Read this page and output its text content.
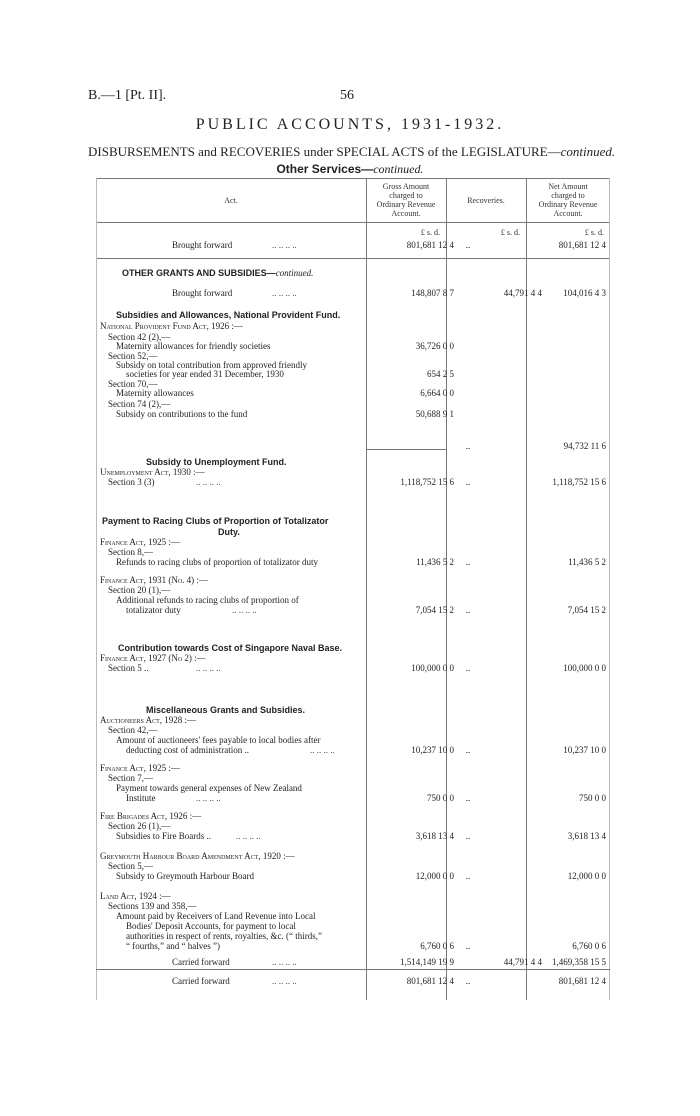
B.—1 [Pt. II].	56
PUBLIC ACCOUNTS, 1931-1932.
DISBURSEMENTS and RECOVERIES under SPECIAL ACTS of the LEGISLATURE—continued.
Other Services—continued.
Act.
Gross Amount
charged to
Ordinary Revenue
Account.
Recoveries.
Net Amount
charged to
Ordinary Revenue
Account.
£ s. d.	£ s. d.	£ s. d.
Brought forward	.. .. .. ..	801,681 12 4	..	801,681 12 4
OTHER GRANTS AND SUBSIDIES—continued.
Brought forward	.. .. .. ..	148,807 8 7	44,791 4 4	104,016 4 3
Subsidies and Allowances, National Provident Fund.
National Provident Fund Act, 1926 :—
Section 42 (2),—
Maternity allowances for friendly societies	36,726 0 0
Section 52,—
Subsidy on total contribution from approved friendly
societies for year ended 31 December, 1930	654 2 5
Section 70,—
Maternity allowances	6,664 0 0
Section 74 (2),—
Subsidy on contributions to the fund	50,688 9 1
..	94,732 11 6
Subsidy to Unemployment Fund.
Unemployment Act, 1930 :—
Section 3 (3)	.. .. .. ..	1,118,752 15 6	..	1,118,752 15 6
Payment to Racing Clubs of Proportion of Totalizator
Duty.
Finance Act, 1925 :—
Section 8,—
Refunds to racing clubs of proportion of totalizator duty	11,436 5 2	..	11,436 5 2
Finance Act, 1931 (No. 4) :—
Section 20 (1),—
Additional refunds to racing clubs of proportion of
totalizator duty	.. .. .. ..	7,054 15 2	..	7,054 15 2
Contribution towards Cost of Singapore Naval Base.
Finance Act, 1927 (No 2) :—
Section 5 ..	.. .. .. ..	100,000 0 0	..	100,000 0 0
Miscellaneous Grants and Subsidies.
Auctioneers Act, 1928 :—
Section 42,—
Amount of auctioneers' fees payable to local bodies after
deducting cost of administration ..	.. .. .. ..	10,237 10 0	..	10,237 10 0
Finance Act, 1925 :—
Section 7,—
Payment towards general expenses of New Zealand
Institute	.. .. .. ..	750 0 0	..	750 0 0
Fire Brigades Act, 1926 :—
Section 26 (1),—
Subsidies to Fire Boards ..	.. .. .. ..	3,618 13 4	..	3,618 13 4
Greymouth Harbour Board Amendment Act, 1920 :—
Section 5,—
Subsidy to Greymouth Harbour Board	12,000 0 0	..	12,000 0 0
Land Act, 1924 :—
Sections 139 and 358,—
Amount paid by Receivers of Land Revenue into Local
Bodies' Deposit Accounts, for payment to local
authorities in respect of rents, royalties, &c. (“ thirds,”
“ fourths,” and “ halves ”)	6,760 0 6	..	6,760 0 6
Carried forward	.. .. .. ..	1,514,149 19 9	44,791 4 4	1,469,358 15 5
Carried forward	.. .. .. ..	801,681 12 4	..	801,681 12 4
